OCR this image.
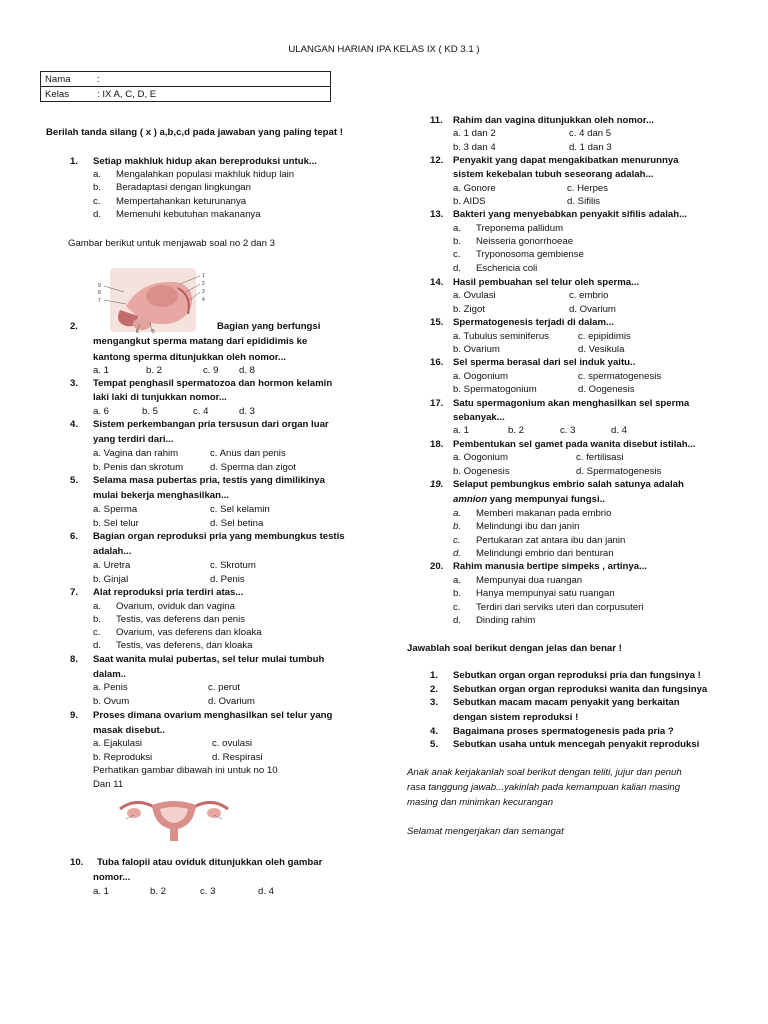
ULANGAN HARIAN IPA KELAS IX ( KD 3.1 )
Nama	:
Kelas	: IX A, C, D, E
Berilah tanda silang ( x ) a,b,c,d pada jawaban yang paling tepat !
1. Setiap makhluk hidup akan bereproduksi untuk...
a. Mengalahkan populasi makhluk hidup lain
b. Beradaptasi dengan lingkungan
c. Mempertahankan keturunanya
d. Memenuhi kebutuhan makananya
Gambar berikut untuk menjawab soal no 2 dan 3
1
2
3
4
5
6
7
8
9
2.	Bagian yang berfungsi
mengangkut sperma matang dari epididimis ke
kantong sperma ditunjukkan oleh nomor...
a. 1	b. 2	c. 9 d. 8
3. Tempat penghasil spermatozoa dan hormon kelamin
laki laki di tunjukkan nomor...
a. 6	b. 5	c. 4	d. 3
4. Sistem perkembangan pria tersusun dari organ luar
yang terdiri dari...
a. Vagina dan rahim	c. Anus dan penis
b. Penis dan skrotum	d. Sperma dan zigot
5. Selama masa pubertas pria, testis yang dimilikinya
mulai bekerja menghasilkan...
a. Sperma	c. Sel kelamin
b. Sel telur	d. Sel betina
6. Bagian organ reproduksi pria yang membungkus testis
adalah...
a. Uretra	c. Skrotum
b. Ginjal	d. Penis
7. Alat reproduksi pria terdiri atas...
a. Ovarium, oviduk dan vagina
b. Testis, vas deferens dan penis
c. Ovarium, vas deferens dan kloaka
d. Testis, vas deferens, dan kloaka
8. Saat wanita mulai pubertas, sel telur mulai tumbuh
dalam..
a. Penis	c. perut
b. Ovum	d. Ovarium
9. Proses dimana ovarium menghasilkan sel telur yang
masak disebut..
a. Ejakulasi	c. ovulasi
b. Reproduksi	d. Respirasi
Perhatikan gambar dibawah ini untuk no 10
Dan 11
10. Tuba falopii atau oviduk ditunjukkan oleh gambar
nomor...
a. 1	b. 2	c. 3	d. 4
11. Rahim dan vagina ditunjukkan oleh nomor...
a. 1 dan 2	c. 4 dan 5
b. 3 dan 4	d. 1 dan 3
12. Penyakit yang dapat mengakibatkan menurunnya
sistem kekebalan tubuh seseorang adalah...
a. Gonore	c. Herpes
b. AIDS	d. Sifilis
13. Bakteri yang menyebabkan penyakit sifilis adalah...
a. Treponema pallidum
b. Neisseria gonorrhoeae
c. Tryponosoma gembiense
d. Eschericia coli
14. Hasil pembuahan sel telur oleh sperma...
a. Ovulasi	c. embrio
b. Zigot	d. Ovarium
15. Spermatogenesis terjadi di dalam...
a. Tubulus seminiferus	c. epipidimis
b. Ovarium	d. Vesikula
16. Sel sperma berasal dari sel induk yaitu..
a. Oogonium	c. spermatogenesis
b. Spermatogonium	d. Oogenesis
17. Satu spermagonium akan menghasilkan sel sperma
sebanyak...
a. 1	b. 2	c. 3	d. 4
18. Pembentukan sel gamet pada wanita disebut istilah...
a. Oogonium	c. fertilisasi
b. Oogenesis	d. Spermatogenesis
19. Selaput pembungkus embrio salah satunya adalah
amnion yang mempunyai fungsi..
a. Memberi makanan pada embrio
b. Melindungi ibu dan janin
c. Pertukaran zat antara ibu dan janin
d. Melindungi embrio dari benturan
20. Rahim manusia bertipe simpeks , artinya...
a. Mempunyai dua ruangan
b. Hanya mempunyai satu ruangan
c. Terdiri dari serviks uteri dan corpusuteri
d. Dinding rahim
Jawablah soal berikut dengan jelas dan benar !
1. Sebutkan organ organ reproduksi pria dan fungsinya !
2. Sebutkan organ organ reproduksi wanita dan fungsinya
3. Sebutkan macam macam penyakit yang berkaitan
dengan sistem reproduksi !
4. Bagaimana proses spermatogenesis pada pria ?
5. Sebutkan usaha untuk mencegah penyakit reproduksi
Anak anak kerjakanlah soal berikut dengan teliti, jujur dan penuh
rasa tanggung jawab...yakinlah pada kemampuan kalian masing
masing dan minimkan kecurangan
Selamat mengerjakan dan semangat
